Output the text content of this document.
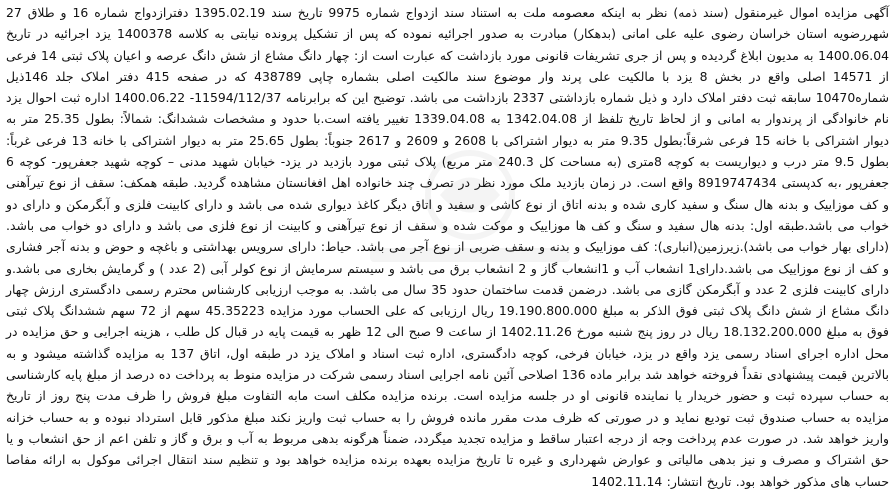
آگهی مزایده اموال غیرمنقول (سند ذمه) نظر به اینکه معصومه ملت به استناد سند ازدواج شماره 9975 تاریخ سند 1395.02.19 دفترازدواج شماره 16 و طلاق 27 شهررضویه استان خراسان رضوی علیه علی امانی (بدهکار) مبادرت به صدور اجرائیه نموده که پس از تشکیل پرونده نیابتی به کلاسه 1400378 یزد اجرائیه در تاریخ 1400.06.04 به مدیون ابلاغ گردیده و پس از جری تشریفات قانونی مورد بازداشت که عبارت است از: چهار دانگ مشاع از شش دانگ عرصه و اعیان پلاک ثبتی 14 فرعی از 14571 اصلی واقع در بخش 8 یزد با مالکیت علی پرند وار موضوع سند مالکیت اصلی بشماره چاپی 438789 که در صفحه 415 دفتر املاک جلد 146ذیل شماره10470 سابقه ثبت دفتر املاک دارد و ذیل شماره بازداشتی 2337 بازداشت می باشد. توضیح این که برابرنامه 11594/112/37- 1400.06.22 اداره ثبت احوال یزد نام خانوادگی از پرندوار به امانی و از لحاظ تاریخ تلفظ از 1342.04.08 به 1339.04.08 تغییر یافته است.با حدود و مشخصات ششدانگ: شمالاً: بطول 25.35 متر به دیوار اشتراکی با خانه 15 فرعی شرقاً:بطول 9.35 متر به دیوار اشتراکی با 2608 و 2609 و 2617 جنوباً: بطول 25.65 متر به دیوار اشتراکی با خانه 13 فرعی غرباً: بطول 9.5 متر درب و دیواریست به کوچه 8متری (به مساحت کل 240.3 متر مربع) پلاک ثبتی مورد بازدید در یزد- خیابان شهید مدنی – کوچه شهید جعفرپور- کوچه 6 جعفرپور ،به کدپستی 8919747434 واقع است. در زمان بازدید ملک مورد نظر در تصرف چند خانواده اهل افغانستان مشاهده گردید. طبقه همکف: سقف از نوع تیرآهنی و کف موزاییک و بدنه هال سنگ و سفید کاری شده و بدنه اتاق از نوع کاشی و سفید و اتاق دیگر کاغذ دیواری شده می باشد و دارای کابینت فلزی و آبگرمکن و دارای دو خواب می باشد.طبقه اول: بدنه هال سفید و سنگ و کف ها موزاییک و موکت شده و سقف از نوع تیرآهنی و کابینت از نوع فلزی می باشد و دارای دو خواب می باشد.(دارای بهار خواب می باشد).زیرزمین(انباری): کف موزاییک و بدنه و سقف ضربی از نوع آجر می باشد. حیاط: دارای سرویس بهداشتی و باغچه و حوض و بدنه آجر فشاری و کف از نوع موزاییک می باشد.دارای1 انشعاب آب و 1انشعاب گاز و 2 انشعاب برق می باشد و سیستم سرمایش از نوع کولر آبی (2 عدد ) و گرمایش بخاری می باشد.و دارای کابینت فلزی 2 عدد و آبگرمکن گازی می باشد. درضمن قدمت ساختمان حدود 35 سال می باشد. به موجب ارزیابی کارشناس محترم رسمی دادگستری ارزش چهار دانگ مشاع از شش دانگ پلاک ثبتی فوق الذکر به مبلغ 19.190.800.000 ریال ارزیابی که علی الحساب مورد مزایده 45.35223 سهم از 72 سهم ششدانگ پلاک ثبتی فوق به مبلغ 18.132.200.000 ریال در روز پنج شنبه مورخ 1402.11.26 از ساعت 9 صبح الی 12 ظهر به قیمت پایه در قبال کل طلب ، هزینه اجرایی و حق مزایده در محل اداره اجرای اسناد رسمی یزد واقع در یزد، خیابان فرخی، کوچه دادگستری، اداره ثبت اسناد و املاک یزد در طبقه اول، اتاق 137 به مزایده گذاشته میشود و به بالاترین قیمت پیشنهادی نقداً فروخته خواهد شد برابر ماده 136 اصلاحی آئین نامه اجرایی اسناد رسمی شرکت در مزایده منوط به پرداخت ده درصد از مبلغ پایه کارشناسی به حساب سپرده ثبت و حضور خریدار یا نماینده قانونی او در جلسه مزایده است. برنده مزایده مکلف است مابه التفاوت مبلغ فروش را ظرف مدت پنج روز از تاریخ مزایده به حساب صندوق ثبت تودیع نماید و در صورتی که ظرف مدت مقرر مانده فروش را به حساب ثبت واریز نکند مبلغ مذکور قابل استرداد نبوده و به حساب خزانه واریز خواهد شد. در صورت عدم پرداخت وجه از درجه اعتبار ساقط و مزایده تجدید میگردد، ضمناً هرگونه بدهی مربوط به آب و برق و گاز و تلفن اعم از حق انشعاب و یا حق اشتراک و مصرف و نیز بدهی مالیاتی و عوارض شهرداری و غیره تا تاریخ مزایده بعهده برنده مزایده خواهد بود و تنظیم سند انتقال اجرائی موکول به ارائه مفاصا حساب های مذکور خواهد بود. تاریخ انتشار: 1402.11.14
